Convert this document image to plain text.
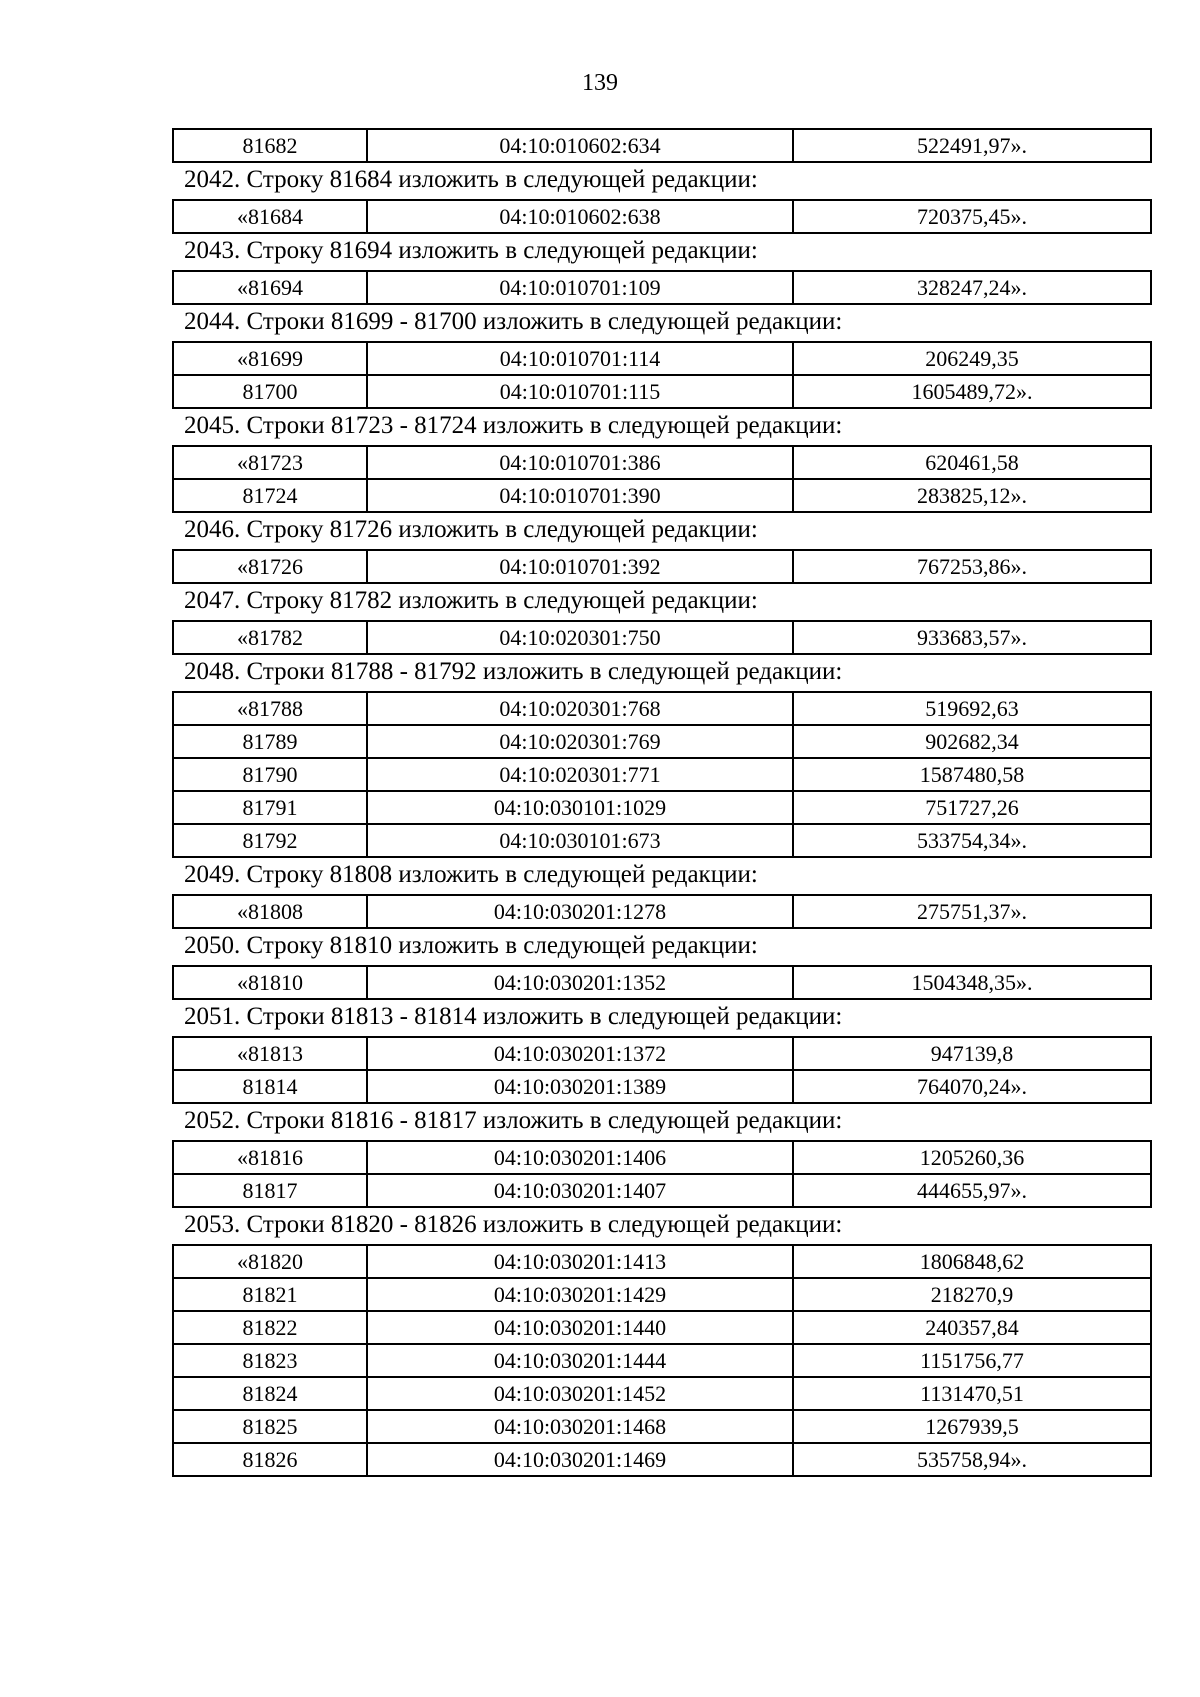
139
81682	04:10:010602:634	522491,97».
2042. Строку 81684 изложить в следующей редакции:
«81684	04:10:010602:638	720375,45».
2043. Строку 81694 изложить в следующей редакции:
«81694	04:10:010701:109	328247,24».
2044. Строки 81699 - 81700 изложить в следующей редакции:
«81699	04:10:010701:114	206249,35
81700	04:10:010701:115	1605489,72».
2045. Строки 81723 - 81724 изложить в следующей редакции:
«81723	04:10:010701:386	620461,58
81724	04:10:010701:390	283825,12».
2046. Строку 81726 изложить в следующей редакции:
«81726	04:10:010701:392	767253,86».
2047. Строку 81782 изложить в следующей редакции:
«81782	04:10:020301:750	933683,57».
2048. Строки 81788 - 81792 изложить в следующей редакции:
«81788	04:10:020301:768	519692,63
81789	04:10:020301:769	902682,34
81790	04:10:020301:771	1587480,58
81791	04:10:030101:1029	751727,26
81792	04:10:030101:673	533754,34».
2049. Строку 81808 изложить в следующей редакции:
«81808	04:10:030201:1278	275751,37».
2050. Строку 81810 изложить в следующей редакции:
«81810	04:10:030201:1352	1504348,35».
2051. Строки 81813 - 81814 изложить в следующей редакции:
«81813	04:10:030201:1372	947139,8
81814	04:10:030201:1389	764070,24».
2052. Строки 81816 - 81817 изложить в следующей редакции:
«81816	04:10:030201:1406	1205260,36
81817	04:10:030201:1407	444655,97».
2053. Строки 81820 - 81826 изложить в следующей редакции:
«81820	04:10:030201:1413	1806848,62
81821	04:10:030201:1429	218270,9
81822	04:10:030201:1440	240357,84
81823	04:10:030201:1444	1151756,77
81824	04:10:030201:1452	1131470,51
81825	04:10:030201:1468	1267939,5
81826	04:10:030201:1469	535758,94».
